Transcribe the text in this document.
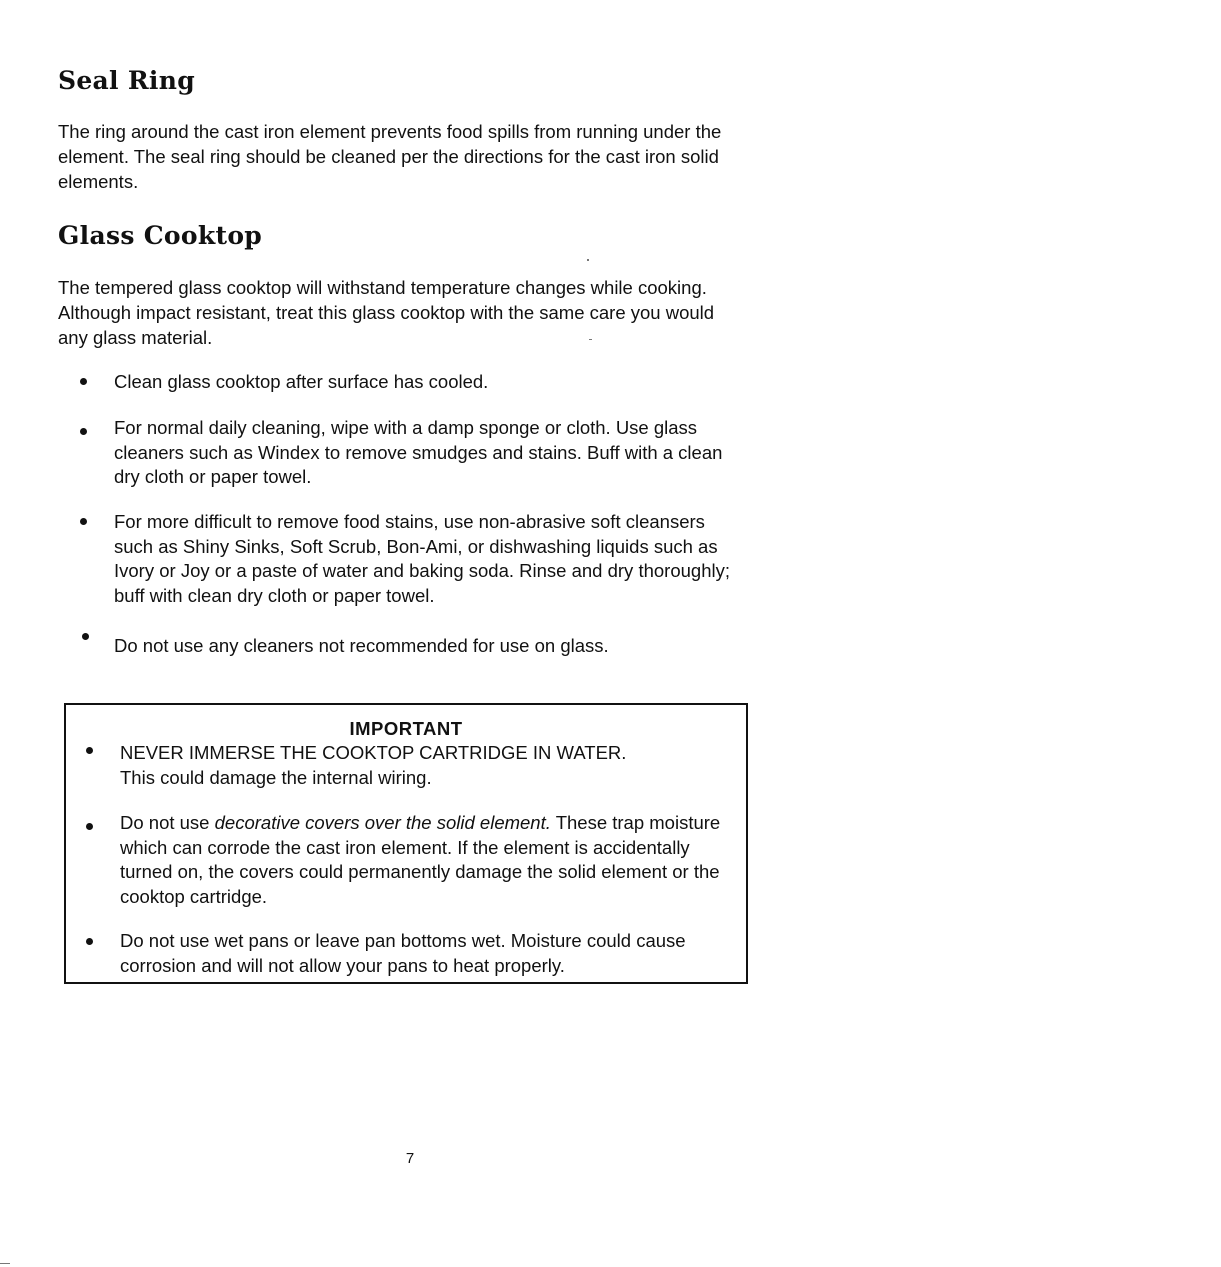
Seal Ring

The ring around the cast iron element prevents food spills from running under the element. The seal ring should be cleaned per the directions for the cast iron solid elements.

Glass Cooktop

The tempered glass cooktop will withstand temperature changes while cooking. Although impact resistant, treat this glass cooktop with the same care you would any glass material.

Clean glass cooktop after surface has cooled.

For normal daily cleaning, wipe with a damp sponge or cloth. Use glass cleaners such as Windex to remove smudges and stains. Buff with a clean dry cloth or paper towel.

For more difficult to remove food stains, use non-abrasive soft cleansers such as Shiny Sinks, Soft Scrub, Bon-Ami, or dishwashing liquids such as Ivory or Joy or a paste of water and baking soda. Rinse and dry thoroughly; buff with clean dry cloth or paper towel.

Do not use any cleaners not recommended for use on glass.

IMPORTANT

NEVER IMMERSE THE COOKTOP CARTRIDGE IN WATER.
This could damage the internal wiring.

Do not use decorative covers over the solid element. These trap moisture which can corrode the cast iron element. If the element is accidentally turned on, the covers could permanently damage the solid element or the cooktop cartridge.

Do not use wet pans or leave pan bottoms wet. Moisture could cause corrosion and will not allow your pans to heat properly.

7
